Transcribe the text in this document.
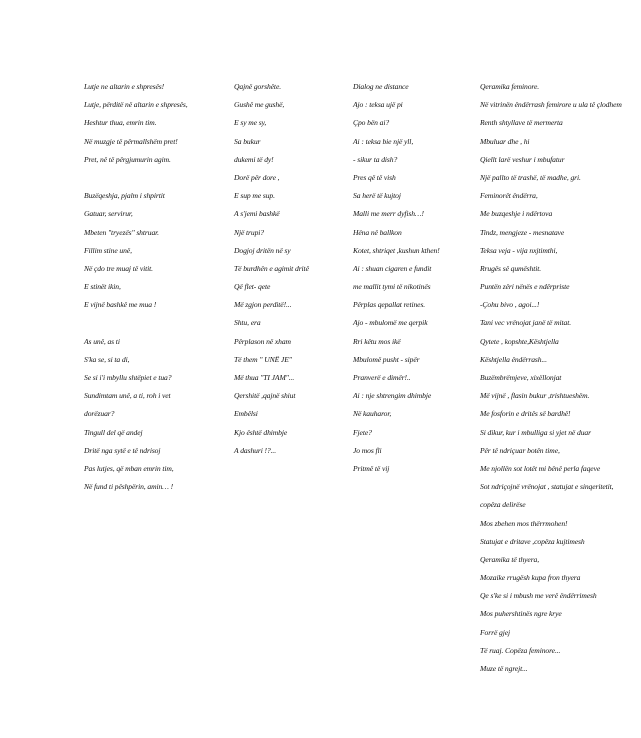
Lutje ne altarin e shpresës!
Lutje, përditë në altarin e shpresës,
Heshtur thua, emrin tim.
Në muzgje të përmallshëm pret!
Pret, në të përgjumurin agim.
Buzëqeshja, pjalm i shpirtit
Gatuar, servirur,
Mbeten "tryezës" shtruar.
Fillim stine unë,
Në çdo tre muaj të vitit.
E stinët ikin,
E vijnë bashkë me mua !
As unë, as ti
S'ka se, si ta di,
Se si i'i mbyllu shtëpiet e tua?
Sundimtam unë, a ti, roh i vet
dorëzuar?
Tingull del që andej
Dritë nga sytë e të ndrisoj
Pas lutjes, që mban emrin tim,
Në fund ti pëshpërin, amin… !
Qajnë gorshëte.
Gushë me gushë,
E sy me sy,
Sa bukur
dukemi të dy!
Dorë për dore ,
E sup me sup.
A s'jemi bashkë
Një trupi?
Dogjoj dritën në sy
Të burdhën e agimit dritë
Që flet- qete
Më zgjon perditë!...
Shtu, era
Përplason në xham
Të them " UNË JE"
Më thua "TI JAM"...
Qershitë ,qajnë shiut
Embëlsi
Kjo është dhimbje
A dashuri !?...
Dialog ne distance
Ajo : teksa ujë pi
Çpo bën ai?
Ai : teksa bie një yll,
- sikur ta dish?
Pres që të vish
Sa herë të kujtoj
Malli me merr dyfish…!
Hëna në ballkon
Kotet, shtriqet ,kushun kthen!
Ai : shuan cigaren e fundit
me mallit tymi të nikotinës
Përplas qepallat retines.
Ajo - mbulomë me qerpik
Rri këtu mos ikë
Mbulomë pusht - sipër
Pranverë e dimër!..
Ai : nje shtrengim dhimbje
Në kauharor,
Fjete?
Jo mos fli
Pritmë të vij
Qeramika feminore.
Në vitrinën ëndërrash femirore u ula të çlodhem
Renth shtyllave të mermerta
Mbuluar dhe , hi
Qiellt larë veshur i mbufatur
Një pallto të trashë, të madhe, gri.
Feminorët ëndërra,
Me buzqeshje i ndërtova
Tindz, mengjeze - mesnatave
Teksa veja - vija nxjtimthi,
Rrugës së qumështit.
Puntën zëri nënës e ndërpriste
-Çohu bivo , agoi...!
Tani vec vrënojat janë të mitat.
Qytete , kopshte,Kështjella
Kështjella ëndërrash...
Buzëmbrëmjeve, xixëllonjat
Më vijnë , flasin bukur ,trishtueshëm.
Me fosforin e dritës së bardhë!
Si dikur, kur i mbulliga si yjet në duar
Për të ndriçuar botën time,
Me njollën sot lotët mi bënë perla faqeve
Sot ndriçojnë vrënojat , statujat e sinqeritetit, copëza delirëse
Mos zbehen mos thërrmohen!
Statujat e dritave ,copëza kujtimesh
Qeramika të thyera,
Mozaike rrugësh kupa fron thyera
Qe s'ke si i mbush me verë ëndërrimesh
Mos puhershtinës ngre kryе
Forrë gjej
Të ruaj. Copëza feminore...
Muze të ngrejt...
